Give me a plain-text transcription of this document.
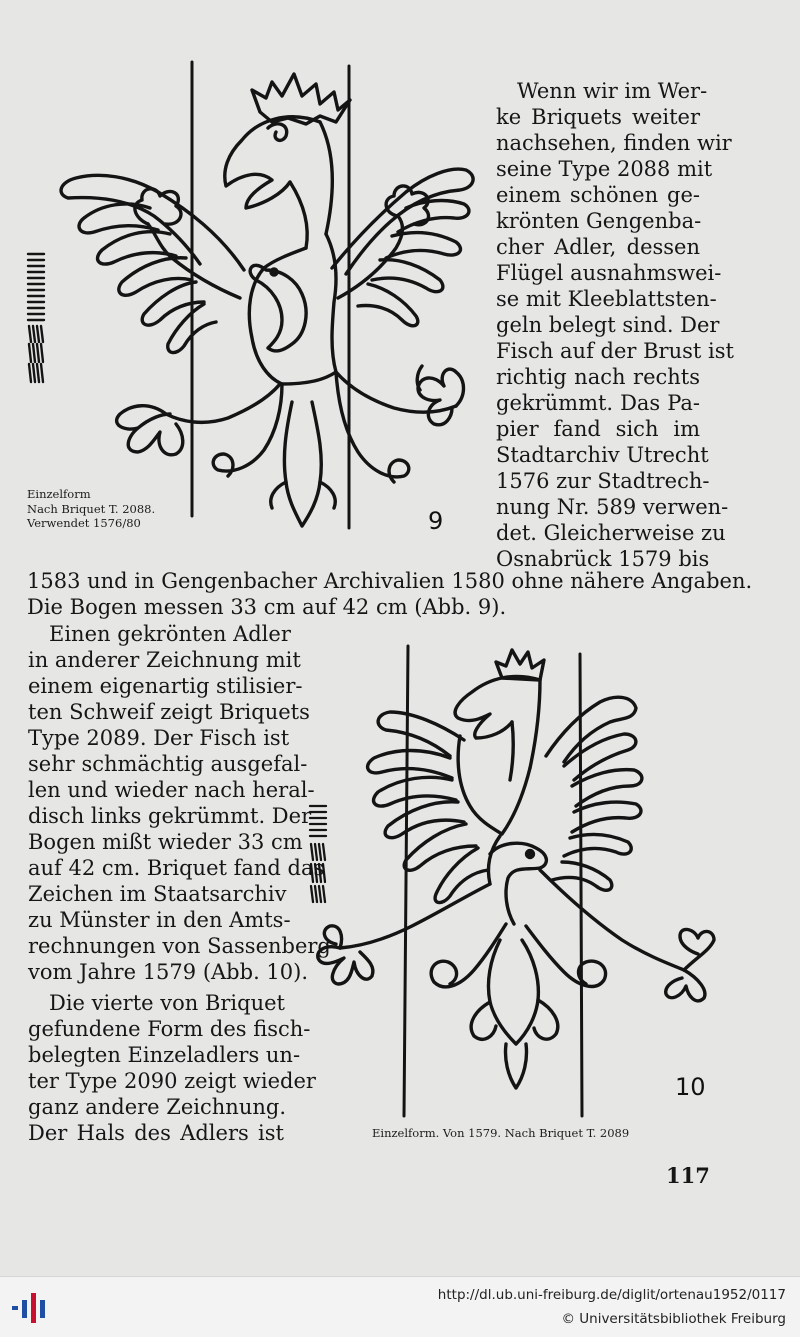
Einzelform
Nach Briquet T. 2088.
Verwendet 1576/80	9
Wenn wir im Wer-
ke Briquets weiter
nachsehen, finden wir
seine Type 2088 mit
einem schönen ge-
krönten Gengenba-
cher Adler, dessen
Flügel ausnahmswei-
se mit Kleeblattsten-
geln belegt sind. Der
Fisch auf der Brust ist
richtig nach rechts
gekrümmt. Das Pa-
pier fand sich im
Stadtarchiv Utrecht
1576 zur Stadtrech-
nung Nr. 589 verwen-
det. Gleicherweise zu
Osnabrück 1579 bis
1583 und in Gengenbacher Archivalien 1580 ohne nähere Angaben.
Die Bogen messen 33 cm auf 42 cm (Abb. 9).
Einen gekrönten Adler
in anderer Zeichnung mit
einem eigenartig stilisier-
ten Schweif zeigt Briquets
Type 2089. Der Fisch ist
sehr schmächtig ausgefal-
len und wieder nach heral-
disch links gekrümmt. Der
Bogen mißt wieder 33 cm
auf 42 cm. Briquet fand das
Zeichen im Staatsarchiv
zu Münster in den Amts-
rechnungen von Sassenberg
vom Jahre 1579 (Abb. 10).
Die vierte von Briquet
gefundene Form des fisch-
belegten Einzeladlers un-
ter Type 2090 zeigt wieder
ganz andere Zeichnung.
Der Hals des Adlers ist
10
Einzelform. Von 1579. Nach Briquet T. 2089
117
http://dl.ub.uni-freiburg.de/diglit/ortenau1952/0117
© Universitätsbibliothek Freiburg
